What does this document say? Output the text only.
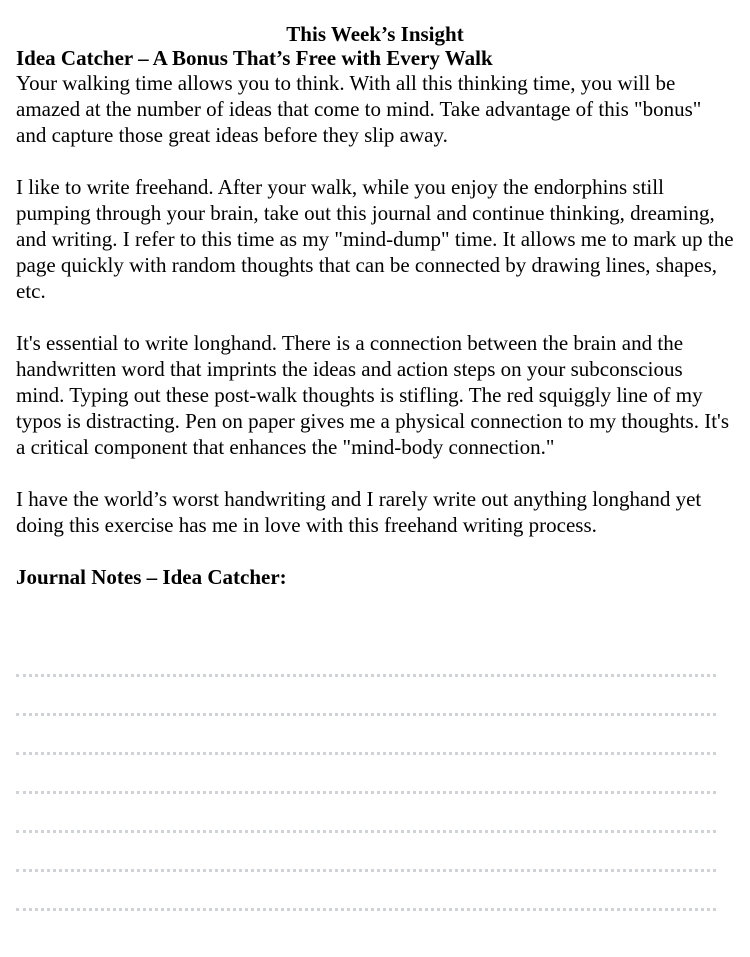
This Week’s Insight
Idea Catcher – A Bonus That’s Free with Every Walk

Your walking time allows you to think. With all this thinking time, you will be amazed at the number of ideas that come to mind. Take advantage of this "bonus" and capture those great ideas before they slip away.

I like to write freehand. After your walk, while you enjoy the endorphins still pumping through your brain, take out this journal and continue thinking, dreaming, and writing. I refer to this time as my "mind-dump" time. It allows me to mark up the page quickly with random thoughts that can be connected by drawing lines, shapes, etc.

It's essential to write longhand. There is a connection between the brain and the handwritten word that imprints the ideas and action steps on your subconscious mind. Typing out these post-walk thoughts is stifling. The red squiggly line of my typos is distracting. Pen on paper gives me a physical connection to my thoughts. It's a critical component that enhances the "mind-body connection."

I have the world’s worst handwriting and I rarely write out anything longhand yet doing this exercise has me in love with this freehand writing process.

Journal Notes – Idea Catcher:
